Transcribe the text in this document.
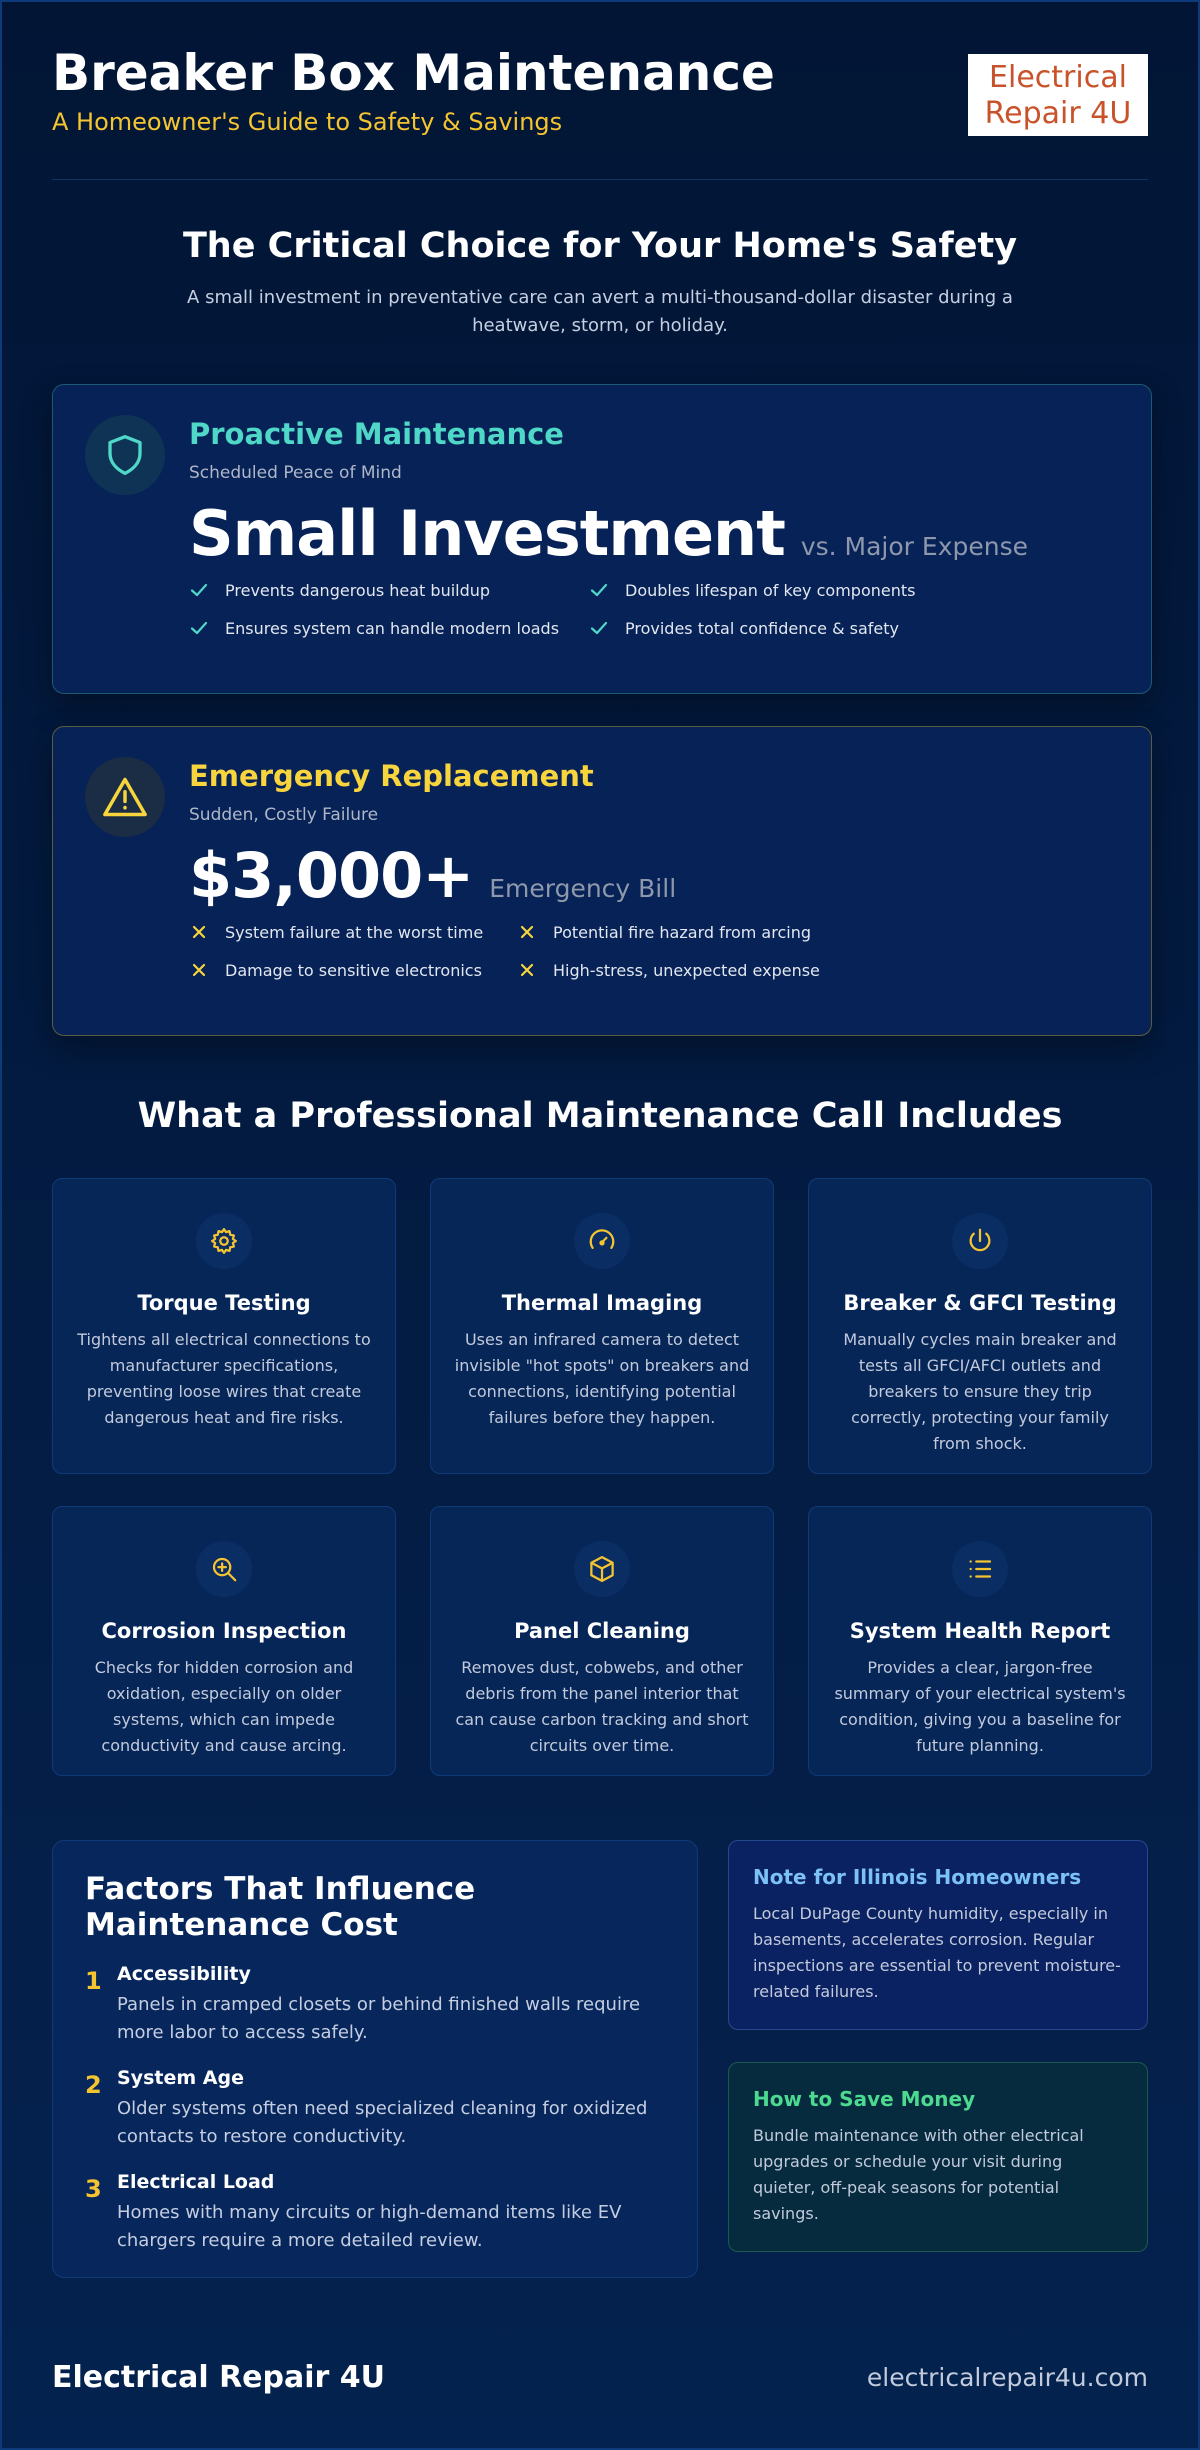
Breaker Box Maintenance
A Homeowner's Guide to Safety & Savings
Electrical
Repair 4U
The Critical Choice for Your Home's Safety
A small investment in preventative care can avert a multi-thousand-dollar disaster during a heatwave, storm, or holiday.
Proactive Maintenance
Scheduled Peace of Mind
Small Investment vs. Major Expense
Prevents dangerous heat buildup	Doubles lifespan of key components
Ensures system can handle modern loads	Provides total confidence & safety
Emergency Replacement
Sudden, Costly Failure
$3,000+ Emergency Bill
System failure at the worst time	Potential fire hazard from arcing
Damage to sensitive electronics	High-stress, unexpected expense
What a Professional Maintenance Call Includes
Torque Testing
Tightens all electrical connections to manufacturer specifications, preventing loose wires that create dangerous heat and fire risks.
Thermal Imaging
Uses an infrared camera to detect invisible "hot spots" on breakers and connections, identifying potential failures before they happen.
Breaker & GFCI Testing
Manually cycles main breaker and tests all GFCI/AFCI outlets and breakers to ensure they trip correctly, protecting your family from shock.
Corrosion Inspection
Checks for hidden corrosion and oxidation, especially on older systems, which can impede conductivity and cause arcing.
Panel Cleaning
Removes dust, cobwebs, and other debris from the panel interior that can cause carbon tracking and short circuits over time.
System Health Report
Provides a clear, jargon-free summary of your electrical system's condition, giving you a baseline for future planning.
Factors That Influence Maintenance Cost
1 Accessibility
Panels in cramped closets or behind finished walls require more labor to access safely.
2 System Age
Older systems often need specialized cleaning for oxidized contacts to restore conductivity.
3 Electrical Load
Homes with many circuits or high-demand items like EV chargers require a more detailed review.
Note for Illinois Homeowners
Local DuPage County humidity, especially in basements, accelerates corrosion. Regular inspections are essential to prevent moisture-related failures.
How to Save Money
Bundle maintenance with other electrical upgrades or schedule your visit during quieter, off-peak seasons for potential savings.
Electrical Repair 4U	electricalrepair4u.com
